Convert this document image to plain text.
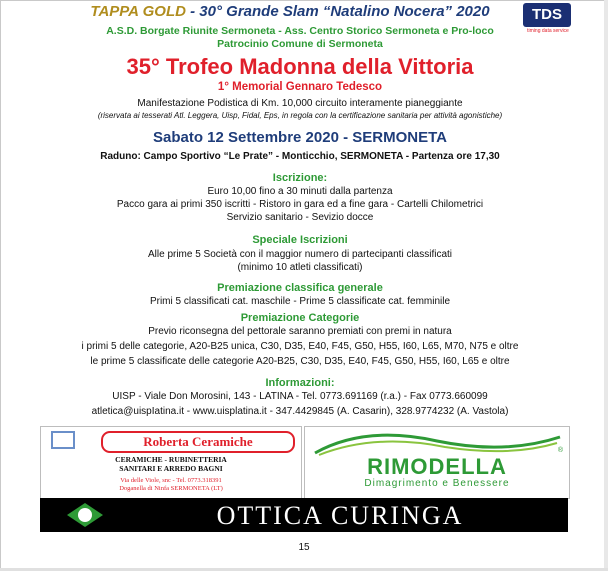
TAPPA GOLD - 30° Grande Slam “Natalino Nocera” 2020	TDS
timing data service
A.S.D. Borgate Riunite Sermoneta - Ass. Centro Storico Sermoneta e Pro-loco
Patrocinio Comune di Sermoneta
35° Trofeo Madonna della Vittoria
1° Memorial Gennaro Tedesco
Manifestazione Podistica di Km. 10,000 circuito interamente pianeggiante
(riservata ai tesserati Atl. Leggera, Uisp, Fidal, Eps, in regola con la certificazione sanitaria per attività agonistiche)
Sabato 12 Settembre 2020 - SERMONETA
Raduno: Campo Sportivo “Le Prate” - Monticchio, SERMONETA - Partenza ore 17,30
Iscrizione:
Euro 10,00 fino a 30 minuti dalla partenza
Pacco gara ai primi 350 iscritti - Ristoro in gara ed a fine gara - Cartelli Chilometrici
Servizio sanitario - Sevizio docce
Speciale Iscrizioni
Alle prime 5 Società con il maggior numero di partecipanti classificati
(minimo 10 atleti classificati)
Premiazione classifica generale
Primi 5 classificati cat. maschile - Prime 5 classificate cat. femminile
Premiazione Categorie
Previo riconsegna del pettorale saranno premiati con premi in natura
i primi 5 delle categorie, A20-B25 unica, C30, D35, E40, F45, G50, H55, I60, L65, M70, N75 e oltre
le prime 5 classificate delle categorie A20-B25, C30, D35, E40, F45, G50, H55, I60, L65 e oltre
Informazioni:
UISP - Viale Don Morosini, 143 - LATINA - Tel. 0773.691169 (r.a.) - Fax 0773.660099
atletica@uispIatina.it - www.uisplatina.it - 347.4429845 (A. Casarin), 328.9774232 (A. Vastola)
Roberta Ceramiche
CERAMICHE - RUBINETTERIA
SANITARI E ARREDO BAGNI
Via delle Viole, snc - Tel. 0773.318391
Doganella di Ninfa SERMONETA (LT)
®
RIMODELLA
Dimagrimento e Benessere
OTTICA CURINGA
15
